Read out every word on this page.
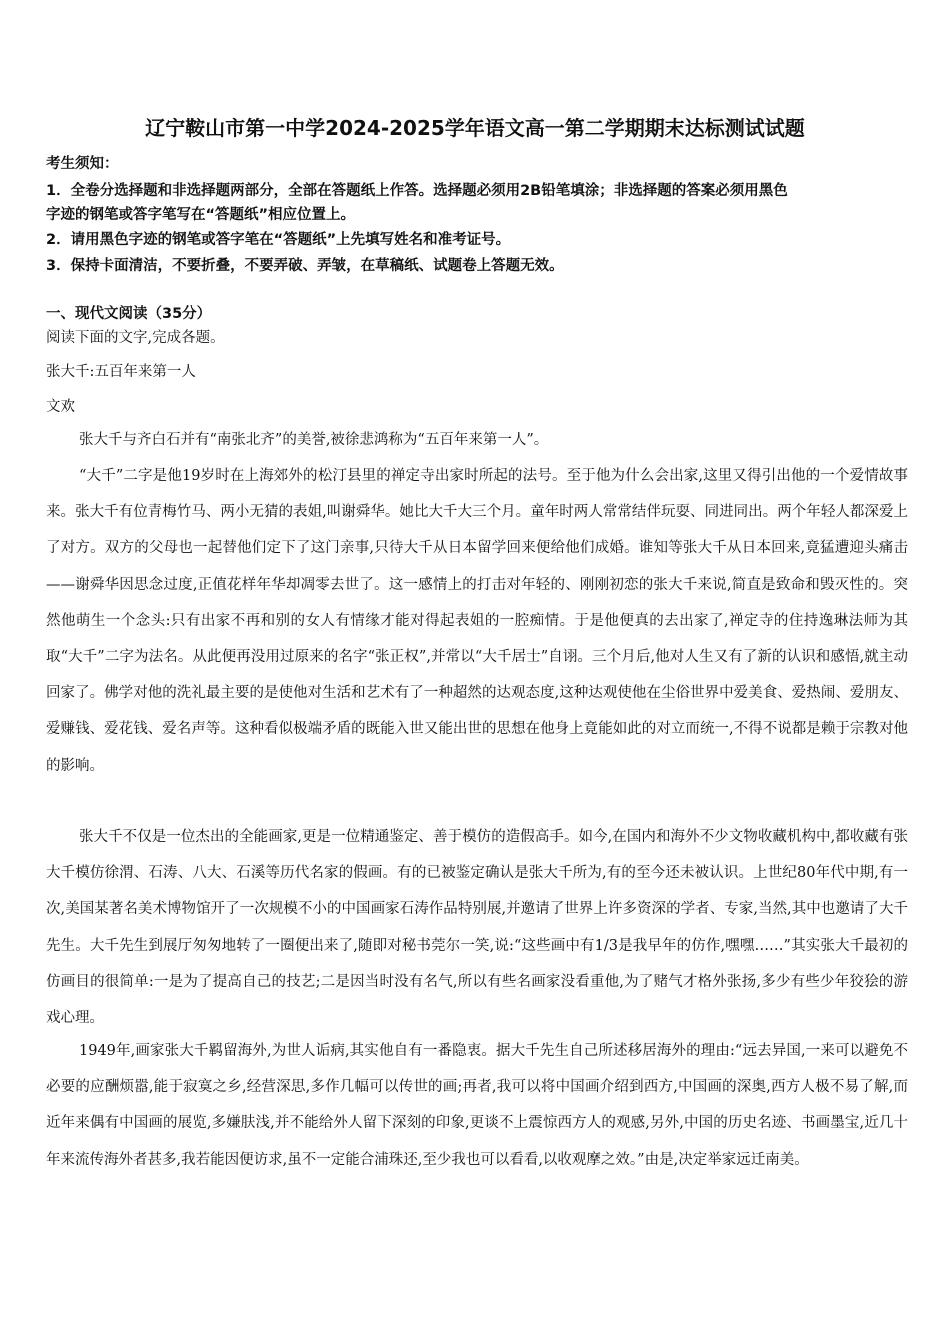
辽宁鞍山市第一中学2024-2025学年语文高一第二学期期末达标测试试题
考生须知：
1．全卷分选择题和非选择题两部分，全部在答题纸上作答。选择题必须用2B铅笔填涂；非选择题的答案必须用黑色
字迹的钢笔或答字笔写在“答题纸”相应位置上。
2．请用黑色字迹的钢笔或答字笔在“答题纸”上先填写姓名和准考证号。
3．保持卡面清洁，不要折叠，不要弄破、弄皱，在草稿纸、试题卷上答题无效。
一、现代文阅读（35分）
阅读下面的文字,完成各题。
张大千:五百年来第一人
文欢
张大千与齐白石并有“南张北齐”的美誉,被徐悲鸿称为“五百年来第一人”。
“大千”二字是他19岁时在上海郊外的松汀县里的禅定寺出家时所起的法号。至于他为什么会出家,这里又得引出他的一个爱情故事来。张大千有位青梅竹马、两小无猜的表姐,叫谢舜华。她比大千大三个月。童年时两人常常结伴玩耍、同进同出。两个年轻人都深爱上了对方。双方的父母也一起替他们定下了这门亲事,只待大千从日本留学回来便给他们成婚。谁知等张大千从日本回来,竟猛遭迎头痛击——谢舜华因思念过度,正值花样年华却凋零去世了。这一感情上的打击对年轻的、刚刚初恋的张大千来说,简直是致命和毁灭性的。突然他萌生一个念头:只有出家不再和别的女人有情缘才能对得起表姐的一腔痴情。于是他便真的去出家了,禅定寺的住持逸琳法师为其取“大千”二字为法名。从此便再没用过原来的名字“张正权”,并常以“大千居士”自诩。三个月后,他对人生又有了新的认识和感悟,就主动回家了。佛学对他的洗礼最主要的是使他对生活和艺术有了一种超然的达观态度,这种达观使他在尘俗世界中爱美食、爱热闹、爱朋友、爱赚钱、爱花钱、爱名声等。这种看似极端矛盾的既能入世又能出世的思想在他身上竟能如此的对立而统一,不得不说都是赖于宗教对他的影响。
张大千不仅是一位杰出的全能画家,更是一位精通鉴定、善于模仿的造假高手。如今,在国内和海外不少文物收藏机构中,都收藏有张大千模仿徐渭、石涛、八大、石溪等历代名家的假画。有的已被鉴定确认是张大千所为,有的至今还未被认识。上世纪80年代中期,有一次,美国某著名美术博物馆开了一次规模不小的中国画家石涛作品特别展,并邀请了世界上许多资深的学者、专家,当然,其中也邀请了大千先生。大千先生到展厅匆匆地转了一圈便出来了,随即对秘书莞尔一笑,说:“这些画中有1/3是我早年的仿作,嘿嘿……”其实张大千最初的仿画目的很简单:一是为了提高自己的技艺;二是因当时没有名气,所以有些名画家没看重他,为了赌气才格外张扬,多少有些少年狡狯的游戏心理。
1949年,画家张大千羁留海外,为世人诟病,其实他自有一番隐衷。据大千先生自己所述移居海外的理由:“远去异国,一来可以避免不必要的应酬烦嚣,能于寂寞之乡,经营深思,多作几幅可以传世的画;再者,我可以将中国画介绍到西方,中国画的深奥,西方人极不易了解,而近年来偶有中国画的展览,多嫌肤浅,并不能给外人留下深刻的印象,更谈不上震惊西方人的观感,另外,中国的历史名迹、书画墨宝,近几十年来流传海外者甚多,我若能因便访求,虽不一定能合浦珠还,至少我也可以看看,以收观摩之效。”由是,决定举家远迁南美。
